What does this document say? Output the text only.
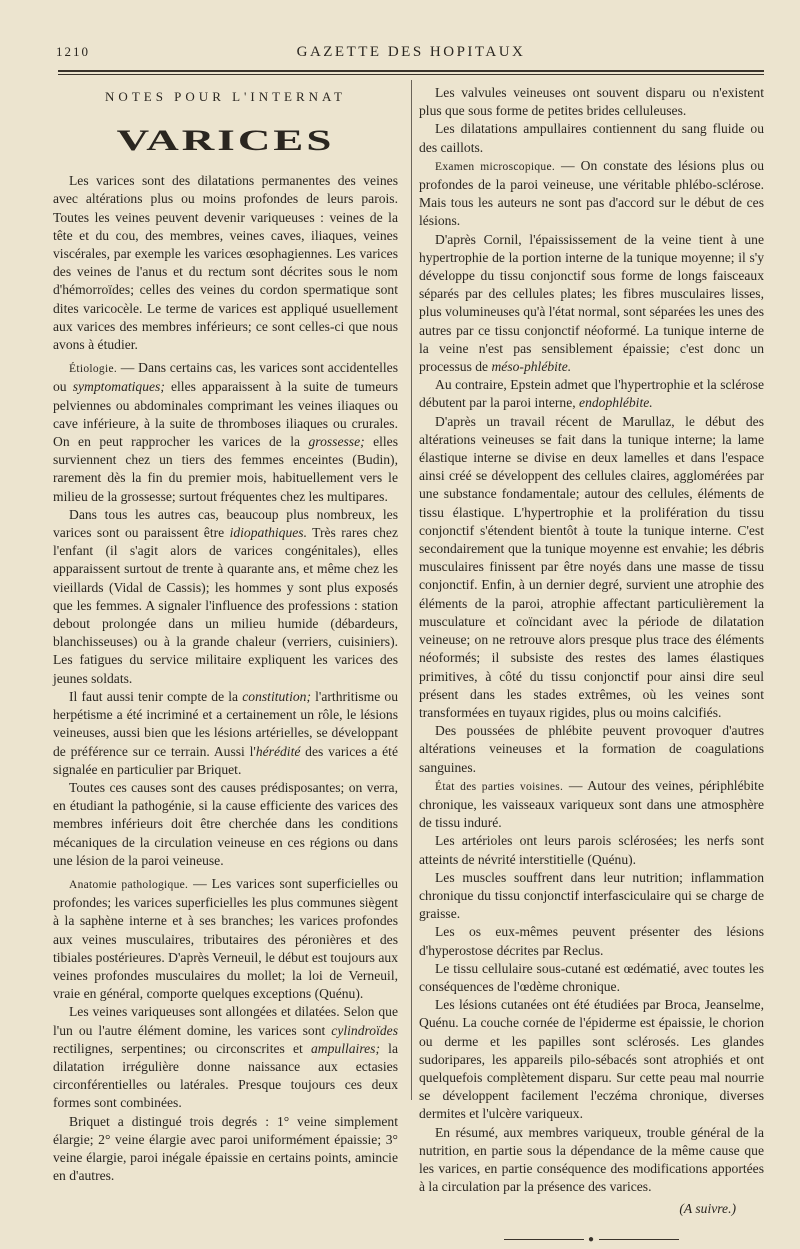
1210	GAZETTE DES HOPITAUX
NOTES POUR L'INTERNAT
VARICES

Les varices sont des dilatations permanentes des veines avec altérations plus ou moins profondes de leurs parois. Toutes les veines peuvent devenir variqueuses : veines de la tête et du cou, des membres, veines caves, iliaques, veines viscérales, par exemple les varices œsophagiennes. Les varices des veines de l'anus et du rectum sont décrites sous le nom d'hémorroïdes; celles des veines du cordon spermatique sont dites varicocèle. Le terme de varices est appliqué usuellement aux varices des membres inférieurs; ce sont celles-ci que nous avons à étudier.

Étiologie. — Dans certains cas, les varices sont accidentelles ou symptomatiques; elles apparaissent à la suite de tumeurs pelviennes ou abdominales comprimant les veines iliaques ou cave inférieure, à la suite de thromboses iliaques ou crurales. On en peut rapprocher les varices de la grossesse; elles surviennent chez un tiers des femmes enceintes (Budin), rarement dès la fin du premier mois, habituellement vers le milieu de la grossesse; surtout fréquentes chez les multipares.

Dans tous les autres cas, beaucoup plus nombreux, les varices sont ou paraissent être idiopathiques. Très rares chez l'enfant (il s'agit alors de varices congénitales), elles apparaissent surtout de trente à quarante ans, et même chez les vieillards (Vidal de Cassis); les hommes y sont plus exposés que les femmes. A signaler l'influence des professions : station debout prolongée dans un milieu humide (débardeurs, blanchisseuses) ou à la grande chaleur (verriers, cuisiniers). Les fatigues du service militaire expliquent les varices des jeunes soldats.

Il faut aussi tenir compte de la constitution; l'arthritisme ou herpétisme a été incriminé et a certainement un rôle, le lésions veineuses, aussi bien que les lésions artérielles, se développant de préférence sur ce terrain. Aussi l'hérédité des varices a été signalée en particulier par Briquet.

Toutes ces causes sont des causes prédisposantes; on verra, en étudiant la pathogénie, si la cause efficiente des varices des membres inférieurs doit être cherchée dans les conditions mécaniques de la circulation veineuse en ces régions ou dans une lésion de la paroi veineuse.

Anatomie pathologique. — Les varices sont superficielles ou profondes; les varices superficielles les plus communes siègent à la saphène interne et à ses branches; les varices profondes aux veines musculaires, tributaires des péronières et des tibiales postérieures. D'après Verneuil, le début est toujours aux veines profondes musculaires du mollet; la loi de Verneuil, vraie en général, comporte quelques exceptions (Quénu).

Les veines variqueuses sont allongées et dilatées. Selon que l'un ou l'autre élément domine, les varices sont cylindroïdes rectilignes, serpentines; ou circonscrites et ampullaires; la dilatation irrégulière donne naissance aux ectasies circonférentielles ou latérales. Presque toujours ces deux formes sont combinées.

Briquet a distingué trois degrés : 1° veine simplement élargie; 2° veine élargie avec paroi uniformément épaissie; 3° veine élargie, paroi inégale épaissie en certains points, amincie en d'autres.

Les valvules veineuses ont souvent disparu ou n'existent plus que sous forme de petites brides celluleuses.

Les dilatations ampullaires contiennent du sang fluide ou des caillots.

Examen microscopique. — On constate des lésions plus ou profondes de la paroi veineuse, une véritable phlébo-sclérose. Mais tous les auteurs ne sont pas d'accord sur le début de ces lésions.

D'après Cornil, l'épaississement de la veine tient à une hypertrophie de la portion interne de la tunique moyenne; il s'y développe du tissu conjonctif sous forme de longs faisceaux séparés par des cellules plates; les fibres musculaires lisses, plus volumineuses qu'à l'état normal, sont séparées les unes des autres par ce tissu conjonctif néoformé. La tunique interne de la veine n'est pas sensiblement épaissie; c'est donc un processus de méso-phlébite.

Au contraire, Epstein admet que l'hypertrophie et la sclérose débutent par la paroi interne, endophlébite.

D'après un travail récent de Marullaz, le début des altérations veineuses se fait dans la tunique interne; la lame élastique interne se divise en deux lamelles et dans l'espace ainsi créé se développent des cellules claires, agglomérées par une substance fondamentale; autour des cellules, éléments de tissu élastique. L'hypertrophie et la prolifération du tissu conjonctif s'étendent bientôt à toute la tunique interne. C'est secondairement que la tunique moyenne est envahie; les débris musculaires finissent par être noyés dans une masse de tissu conjonctif. Enfin, à un dernier degré, survient une atrophie des éléments de la paroi, atrophie affectant particulièrement la musculature et coïncidant avec la période de dilatation veineuse; on ne retrouve alors presque plus trace des éléments néoformés; il subsiste des restes des lames élastiques primitives, à côté du tissu conjonctif pour ainsi dire seul présent dans les stades extrêmes, où les veines sont transformées en tuyaux rigides, plus ou moins calcifiés.

Des poussées de phlébite peuvent provoquer d'autres altérations veineuses et la formation de coagulations sanguines.

État des parties voisines. — Autour des veines, périphlébite chronique, les vaisseaux variqueux sont dans une atmosphère de tissu induré.

Les artérioles ont leurs parois sclérosées; les nerfs sont atteints de névrité interstitielle (Quénu).

Les muscles souffrent dans leur nutrition; inflammation chronique du tissu conjonctif interfasciculaire qui se charge de graisse.

Les os eux-mêmes peuvent présenter des lésions d'hyperostose décrites par Reclus.

Le tissu cellulaire sous-cutané est œdématié, avec toutes les conséquences de l'œdème chronique.

Les lésions cutanées ont été étudiées par Broca, Jeanselme, Quénu. La couche cornée de l'épiderme est épaissie, le chorion ou derme et les papilles sont sclérosés. Les glandes sudoripares, les appareils pilo-sébacés sont atrophiés et ont quelquefois complètement disparu. Sur cette peau mal nourrie se développent facilement l'eczéma chronique, diverses dermites et l'ulcère variqueux.

En résumé, aux membres variqueux, trouble général de la nutrition, en partie sous la dépendance de la même cause que les varices, en partie conséquence des modifications apportées à la circulation par la présence des varices.

(A suivre.)
●
